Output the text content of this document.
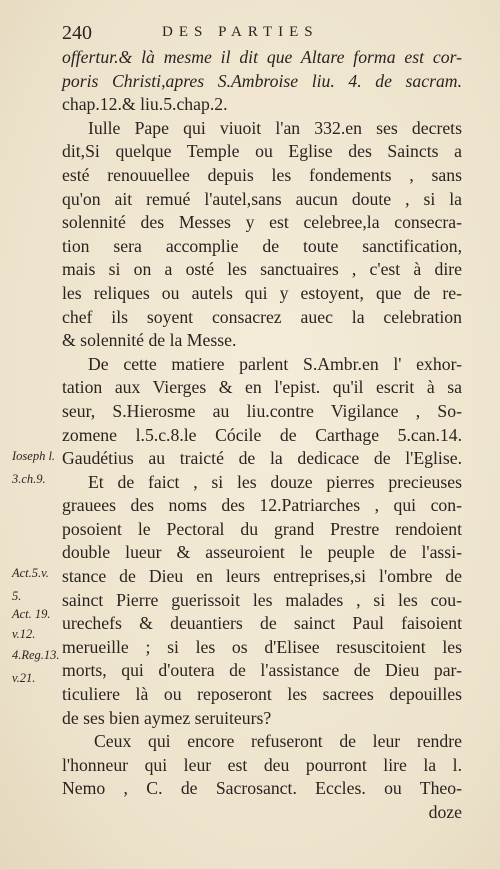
240	DES PARTIES
Ioseph l.
3.ch.9.
Act.5.v.
5.
Act. 19.
v.12.
4.Reg.13.
v.21.
offertur.& là mesme il dit que Altare forma est cor-
poris Christi,apres S.Ambroise liu. 4. de sacram.
chap.12.& liu.5.chap.2.
Iulle Pape qui viuoit l'an 332.en ses decrets
dit,Si quelque Temple ou Eglise des Saincts a
esté renouuellee depuis les fondements , sans
qu'on ait remué l'autel,sans aucun doute , si la
solennité des Messes y est celebree,la consecra-
tion sera accomplie de toute sanctification,
mais si on a osté les sanctuaires , c'est à dire
les reliques ou autels qui y estoyent, que de re-
chef ils soyent consacrez auec la celebration
& solennité de la Messe.
De cette matiere parlent S.Ambr.en l' exhor-
tation aux Vierges & en l'epist. qu'il escrit à sa
seur, S.Hierosme au liu.contre Vigilance , So-
zomene l.5.c.8.le Cócile de Carthage 5.can.14.
Gaudétius au traicté de la dedicace de l'Eglise.
Et de faict , si les douze pierres precieuses
grauees des noms des 12.Patriarches , qui con-
posoient le Pectoral du grand Prestre rendoient
double lueur & asseuroient le peuple de l'assi-
stance de Dieu en leurs entreprises,si l'ombre de
sainct Pierre guerissoit les malades , si les cou-
urechefs & deuantiers de sainct Paul faisoient
merueille ; si les os d'Elisee resuscitoient les
morts, qui d'outera de l'assistance de Dieu par-
ticuliere là ou reposeront les sacrees depouilles
de ses bien aymez seruiteurs?
Ceux qui encore refuseront de leur rendre
l'honneur qui leur est deu pourront lire la l.
Nemo , C. de Sacrosanct. Eccles. ou Theo-
doze
